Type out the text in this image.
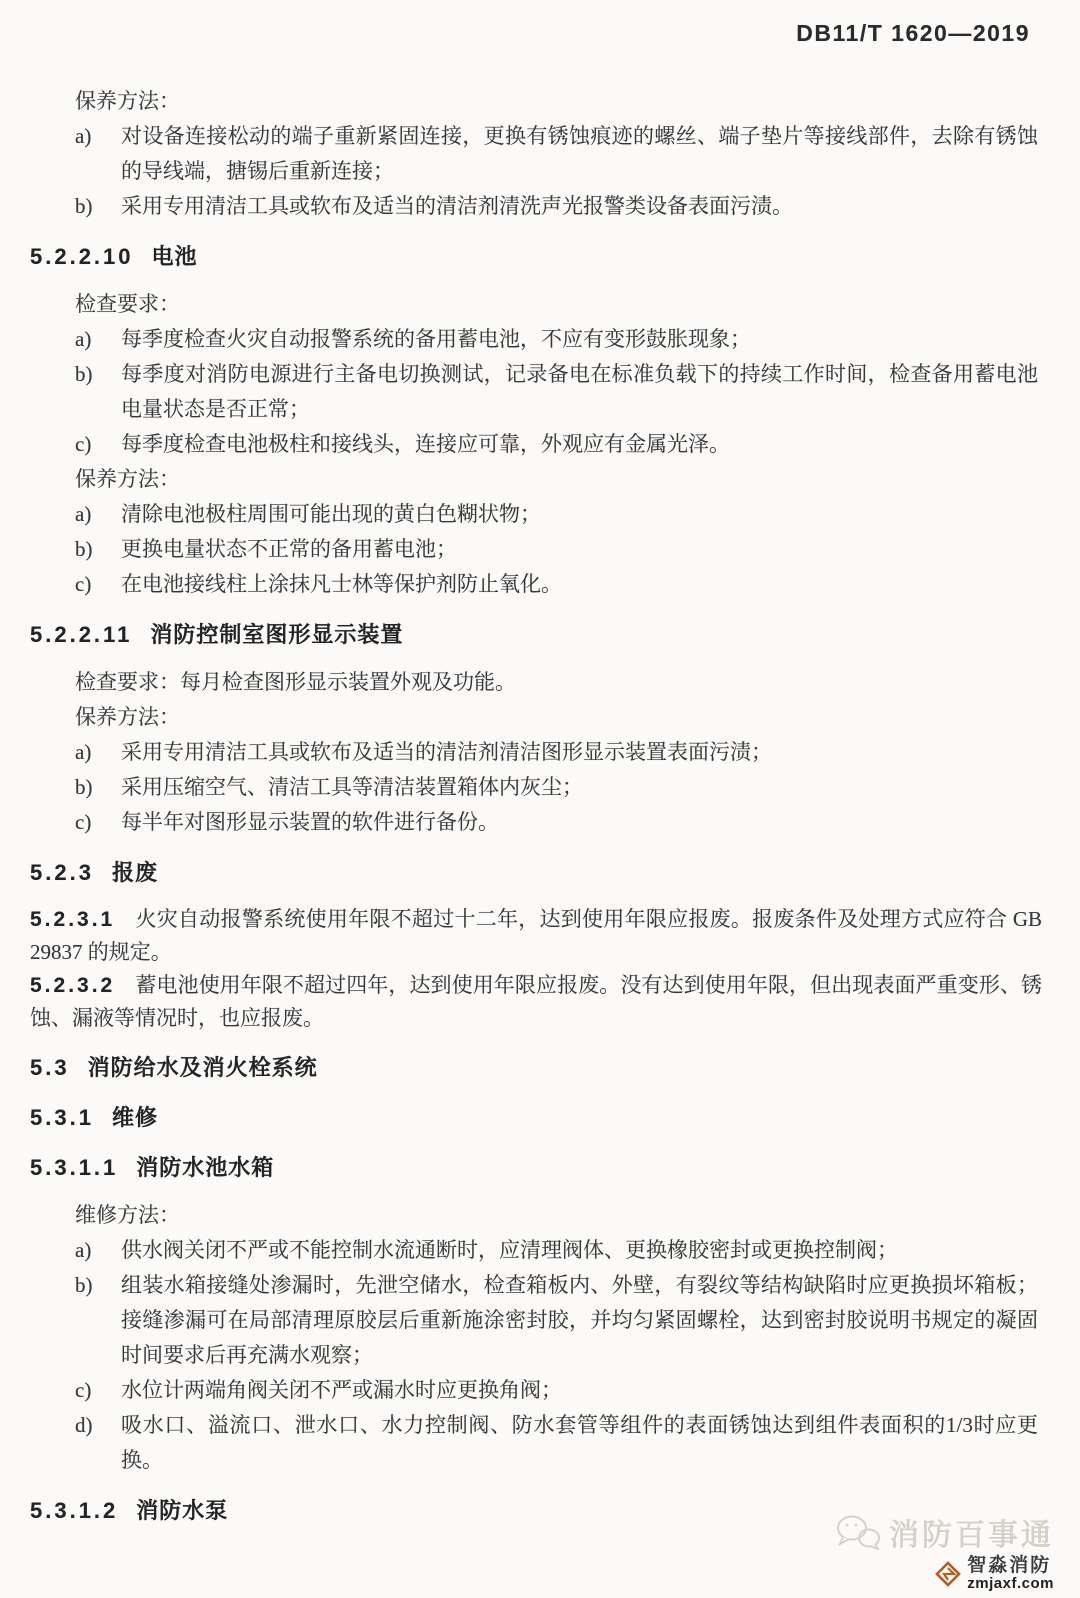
DB11/T 1620—2019

保养方法：

a)	对设备连接松动的端子重新紧固连接，更换有锈蚀痕迹的螺丝、端子垫片等接线部件，去除有锈蚀的导线端，搪锡后重新连接；
b)	采用专用清洁工具或软布及适当的清洁剂清洗声光报警类设备表面污渍。
5.2.2.10 电池

检查要求：

a)	每季度检查火灾自动报警系统的备用蓄电池，不应有变形鼓胀现象；
b)	每季度对消防电源进行主备电切换测试，记录备电在标准负载下的持续工作时间，检查备用蓄电池电量状态是否正常；
c)	每季度检查电池极柱和接线头，连接应可靠，外观应有金属光泽。

保养方法：

a)	清除电池极柱周围可能出现的黄白色糊状物；
b)	更换电量状态不正常的备用蓄电池；
c)	在电池接线柱上涂抹凡士林等保护剂防止氧化。
5.2.2.11 消防控制室图形显示装置

检查要求：每月检查图形显示装置外观及功能。

保养方法：

a)	采用专用清洁工具或软布及适当的清洁剂清洁图形显示装置表面污渍；
b)	采用压缩空气、清洁工具等清洁装置箱体内灰尘；
c)	每半年对图形显示装置的软件进行备份。
5.2.3 报废

5.2.3.1 火灾自动报警系统使用年限不超过十二年，达到使用年限应报废。报废条件及处理方式应符合 GB 29837 的规定。

5.2.3.2 蓄电池使用年限不超过四年，达到使用年限应报废。没有达到使用年限，但出现表面严重变形、锈蚀、漏液等情况时，也应报废。

5.3 消防给水及消火栓系统
5.3.1 维修
5.3.1.1 消防水池水箱

维修方法：

a)	供水阀关闭不严或不能控制水流通断时，应清理阀体、更换橡胶密封或更换控制阀；
b)	组装水箱接缝处渗漏时，先泄空储水，检查箱板内、外壁，有裂纹等结构缺陷时应更换损坏箱板；接缝渗漏可在局部清理原胶层后重新施涂密封胶，并均匀紧固螺栓，达到密封胶说明书规定的凝固时间要求后再充满水观察；
c)	水位计两端角阀关闭不严或漏水时应更换角阀；
d)	吸水口、溢流口、泄水口、水力控制阀、防水套管等组件的表面锈蚀达到组件表面积的1/3时应更换。
5.3.1.2 消防水泵
消防百事通
智淼消防
zmjaxf.com
